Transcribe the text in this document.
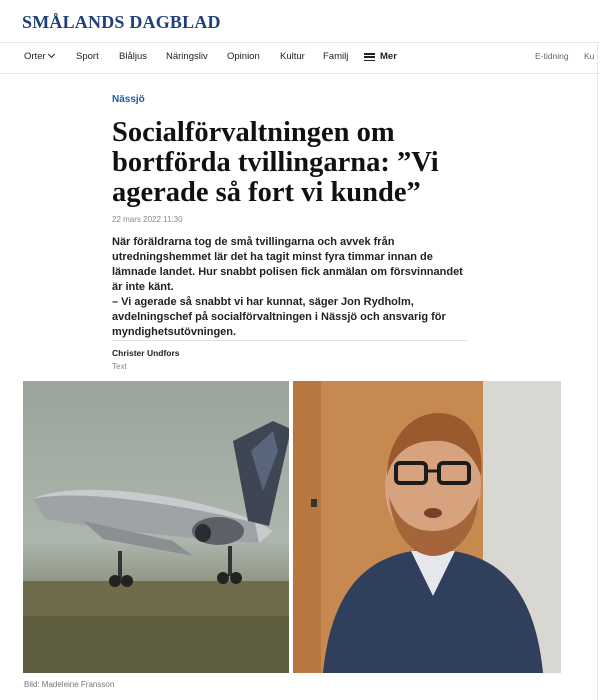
SMÅLANDS DAGBLAD
Orter	Sport Blåljus Näringsliv Opinion Kultur Familj	Mer	E-tidning Ku
Nässjö
Socialförvaltningen om bortförda tvillingarna: ”Vi agerade så fort vi kunde”
22 mars 2022 11:30

När föräldrarna tog de små tvillingarna och avvek från utredningshemmet lär det ha tagit minst fyra timmar innan de lämnade landet. Hur snabbt polisen fick anmälan om försvinnandet är inte känt.

– Vi agerade så snabbt vi har kunnat, säger Jon Rydholm, avdelningschef på socialförvaltningen i Nässjö och ansvarig för myndighetsutövningen.

Christer Undfors
Text
Bild: Madeleine Fransson
